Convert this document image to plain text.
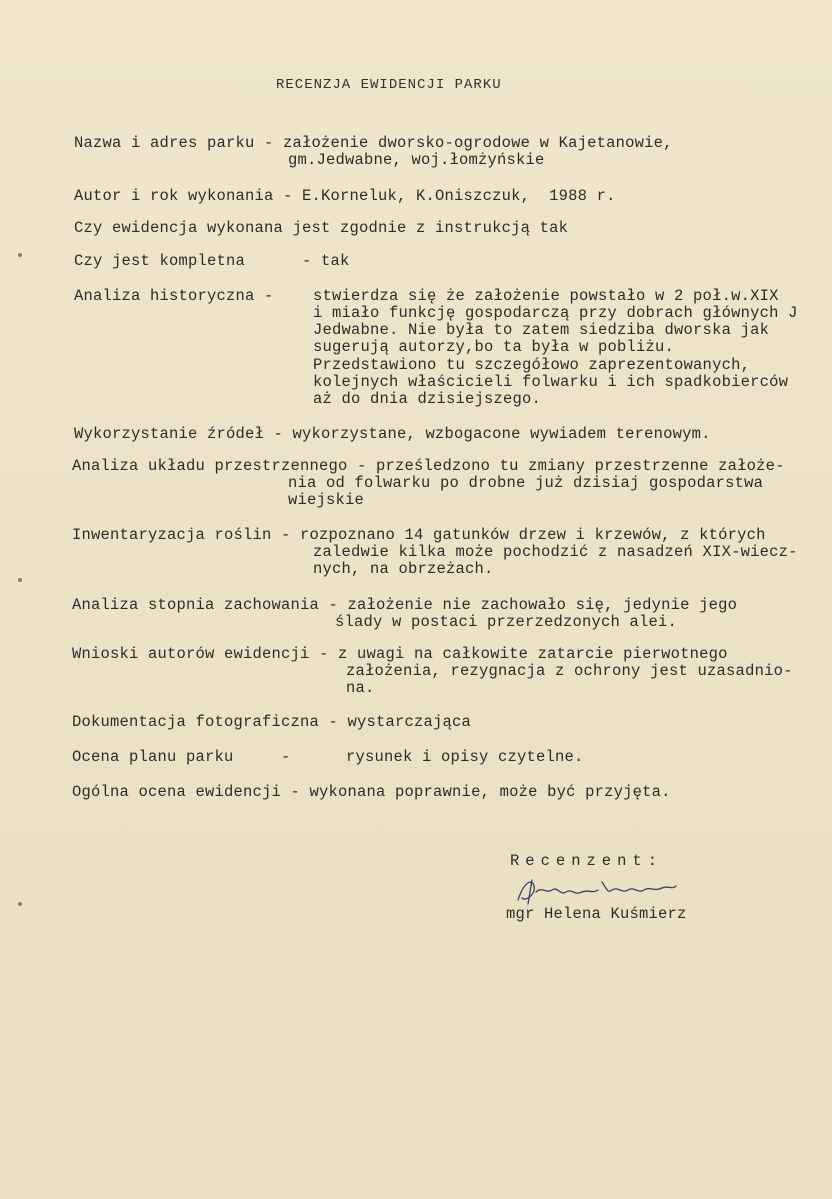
RECENZJA EWIDENCJI PARKU
Nazwa i adres parku - założenie dworsko-ogrodowe w Kajetanowie,
gm.Jedwabne, woj.łomżyńskie
Autor i rok wykonania - E.Korneluk, K.Oniszczuk,  1988 r.
Czy ewidencja wykonana jest zgodnie z instrukcją tak
Czy jest kompletna      - tak
Analiza historyczna -	stwierdza się że założenie powstało w 2 poł.w.XIX
i miało funkcję gospodarczą przy dobrach głównych J
Jedwabne. Nie była to zatem siedziba dworska jak
sugerują autorzy,bo ta była w pobliżu.
Przedstawiono tu szczegółowo zaprezentowanych,
kolejnych właścicieli folwarku i ich spadkobierców
aż do dnia dzisiejszego.
Wykorzystanie źródeł - wykorzystane, wzbogacone wywiadem terenowym.
Analiza układu przestrzennego - prześledzono tu zmiany przestrzenne założe-
nia od folwarku po drobne już dzisiaj gospodarstwa
wiejskie
Inwentaryzacja roślin - rozpoznano 14 gatunków drzew i krzewów, z których
zaledwie kilka może pochodzić z nasadzeń XIX-wiecz-
nych, na obrzeżach.
Analiza stopnia zachowania - założenie nie zachowało się, jedynie jego
ślady w postaci przerzedzonych alei.
Wnioski autorów ewidencji - z uwagi na całkowite zatarcie pierwotnego
założenia, rezygnacja z ochrony jest uzasadnio-
na.
Dokumentacja fotograficzna - wystarczająca
Ocena planu parku     -	rysunek i opisy czytelne.
Ogólna ocena ewidencji - wykonana poprawnie, może być przyjęta.
Recenzent:
mgr Helena Kuśmierz
